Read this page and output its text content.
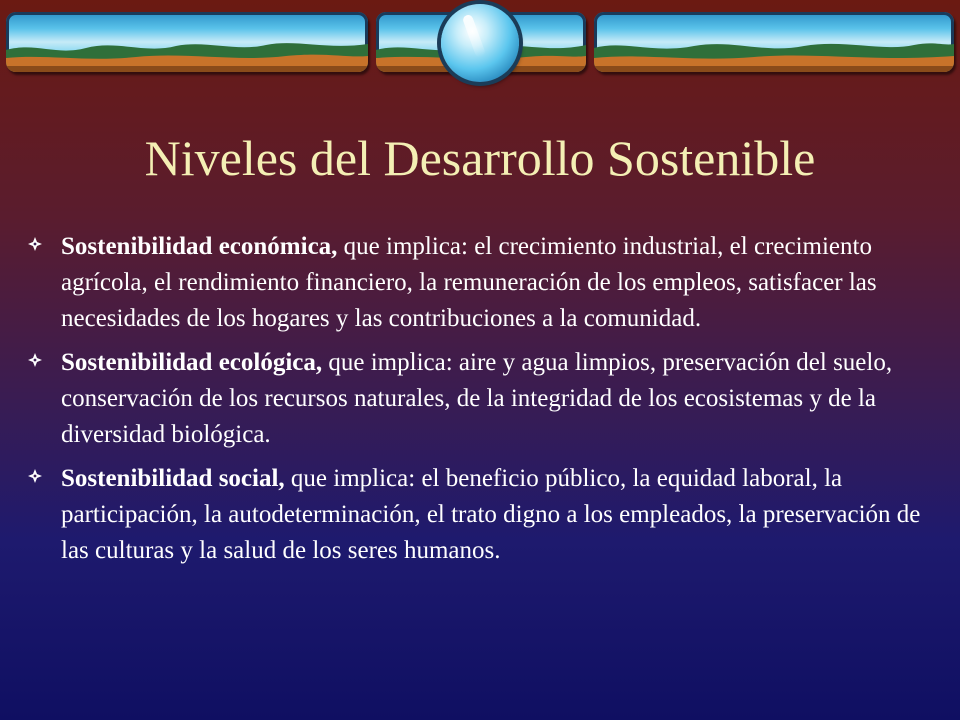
Niveles del Desarrollo Sostenible
Sostenibilidad económica, que implica: el crecimiento industrial, el crecimiento agrícola, el rendimiento financiero, la remuneración de los empleos, satisfacer las necesidades de los hogares y las contribuciones a la comunidad.
Sostenibilidad ecológica, que implica: aire y agua limpios, preservación del suelo, conservación de los recursos naturales, de la integridad de los ecosistemas y de la diversidad biológica.
Sostenibilidad social, que implica: el beneficio público, la equidad laboral, la participación, la autodeterminación, el trato digno a los empleados, la preservación de las culturas y la salud de los seres humanos.
